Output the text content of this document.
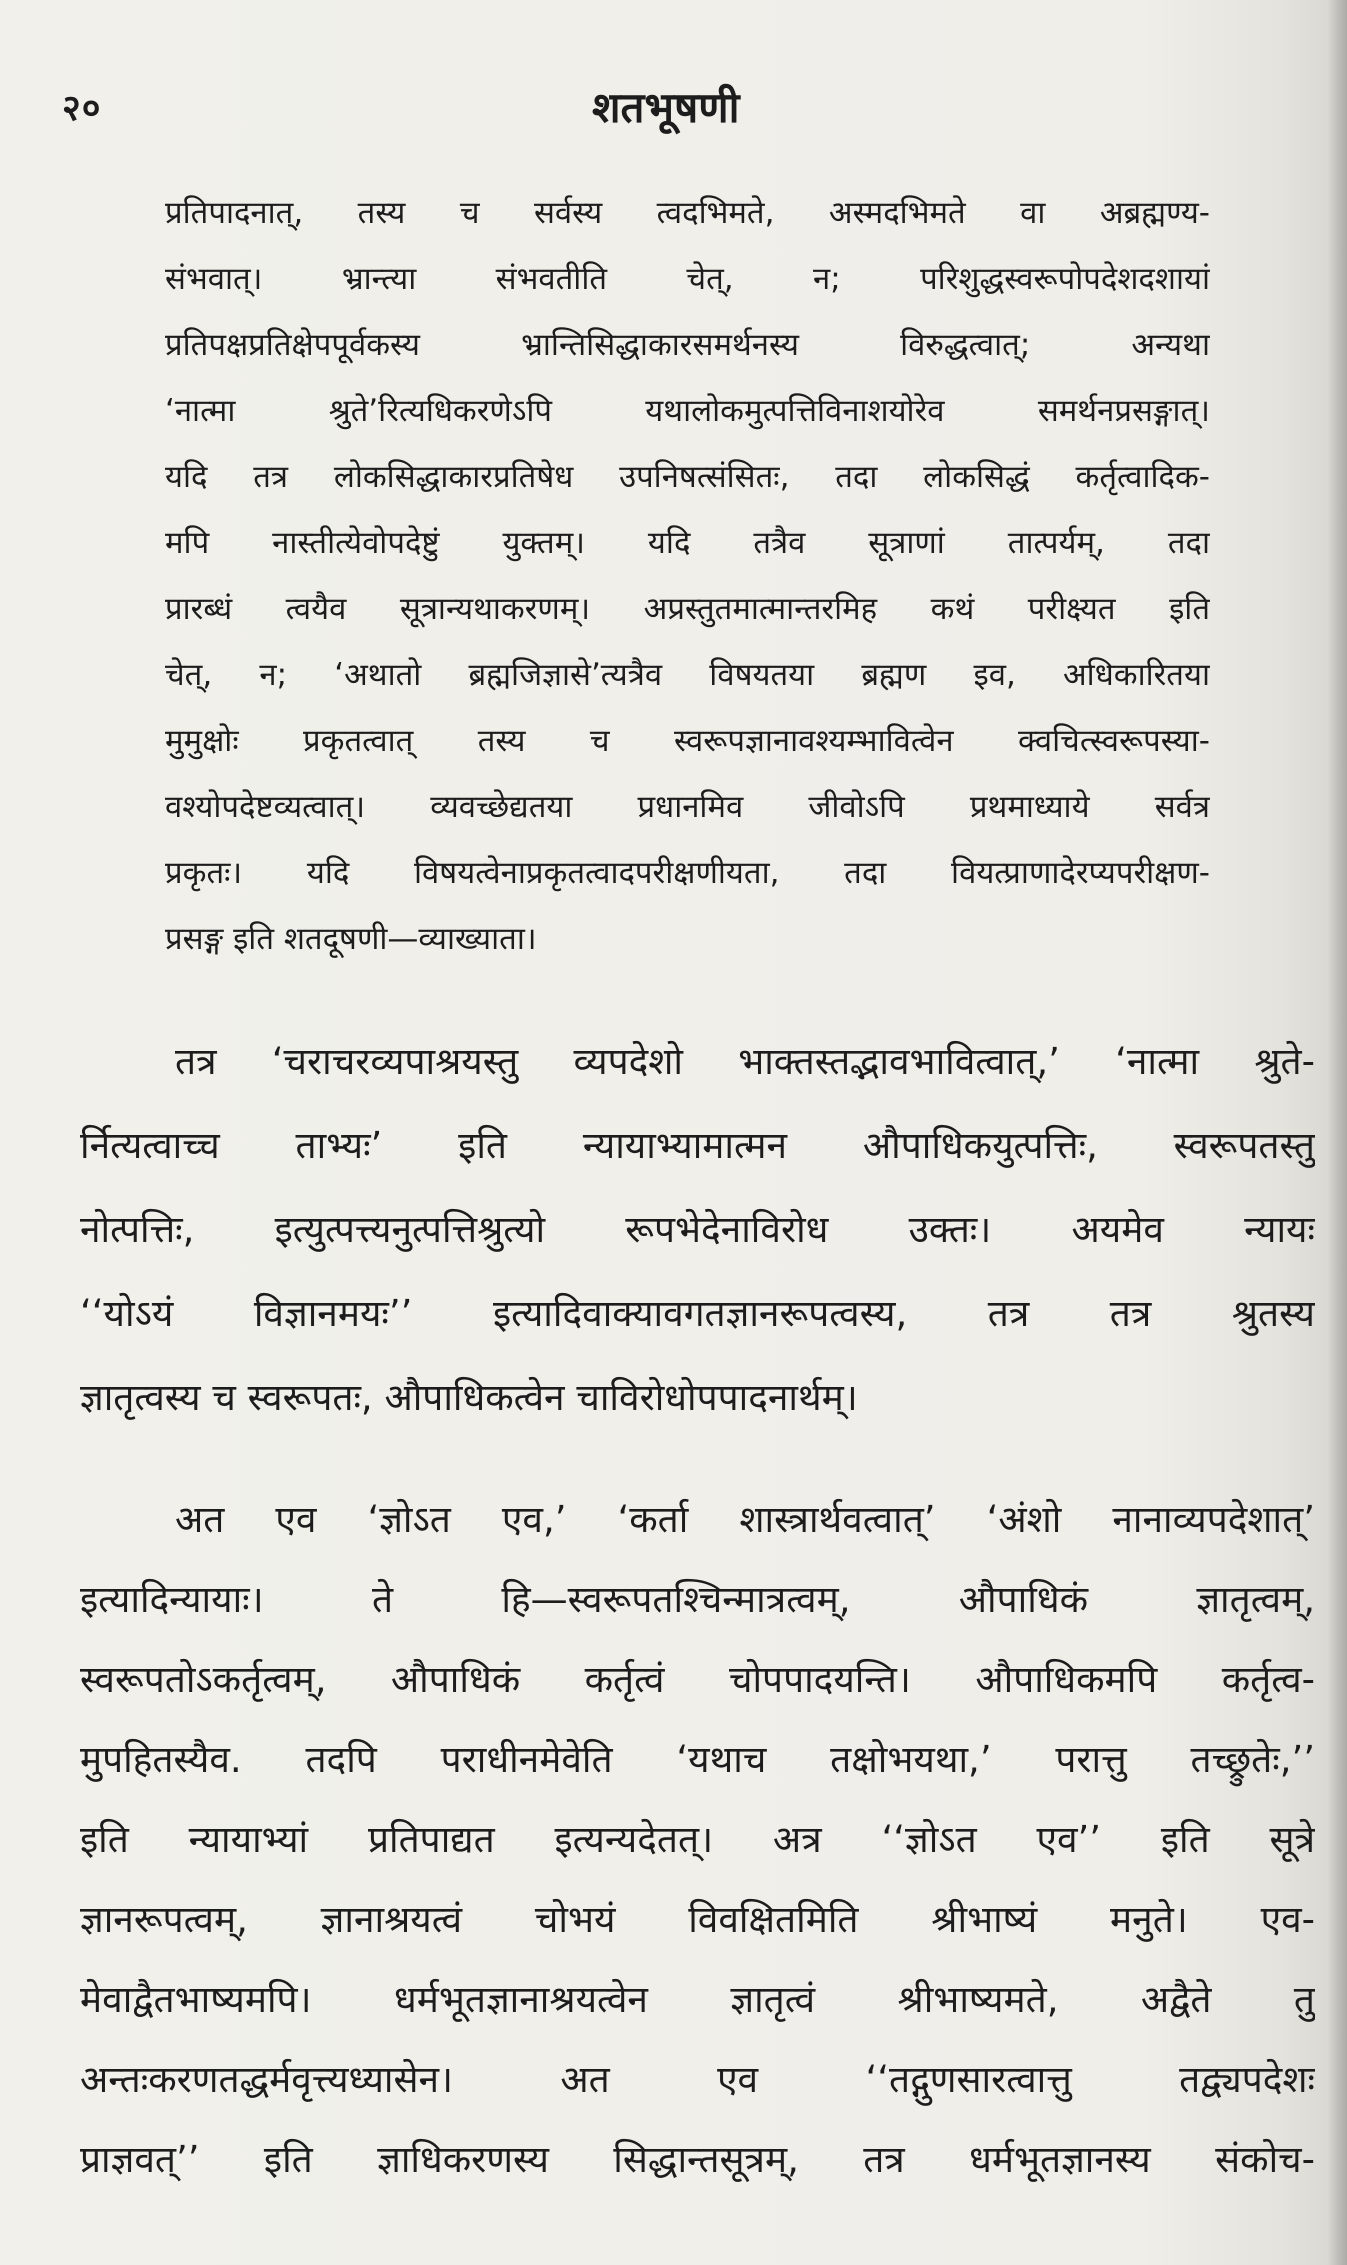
२०	शतभूषणी
प्रतिपादनात्, तस्य च सर्वस्य त्वदभिमते, अस्मदभिमते वा अब्रह्मण्य-
संभवात्। भ्रान्त्या संभवतीति चेत्, न; परिशुद्धस्वरूपोपदेशदशायां
प्रतिपक्षप्रतिक्षेपपूर्वकस्य भ्रान्तिसिद्धाकारसमर्थनस्य विरुद्धत्वात्; अन्यथा
‘नात्मा श्रुते’रित्यधिकरणेऽपि यथालोकमुत्पत्तिविनाशयोरेव समर्थनप्रसङ्गात्।
यदि तत्र लोकसिद्धाकारप्रतिषेध उपनिषत्संसितः, तदा लोकसिद्धं कर्तृत्वादिक-
मपि नास्तीत्येवोपदेष्टुं युक्तम्। यदि तत्रैव सूत्राणां तात्पर्यम्, तदा
प्रारब्धं त्वयैव सूत्रान्यथाकरणम्। अप्रस्तुतमात्मान्तरमिह कथं परीक्ष्यत इति
चेत्, न; ‘अथातो ब्रह्मजिज्ञासे’त्यत्रैव विषयतया ब्रह्मण इव, अधिकारितया
मुमुक्षोः प्रकृतत्वात् तस्य च स्वरूपज्ञानावश्यम्भावित्वेन क्वचित्स्वरूपस्या-
वश्योपदेष्टव्यत्वात्। व्यवच्छेद्यतया प्रधानमिव जीवोऽपि प्रथमाध्याये सर्वत्र
प्रकृतः। यदि विषयत्वेनाप्रकृतत्वादपरीक्षणीयता, तदा वियत्प्राणादेरप्यपरीक्षण-
प्रसङ्ग इति शतदूषणी—व्याख्याता।
तत्र ‘चराचरव्यपाश्रयस्तु व्यपदेशो भाक्तस्तद्भावभावित्वात्,’ ‘नात्मा श्रुते-
र्नित्यत्वाच्च ताभ्यः’ इति न्यायाभ्यामात्मन औपाधिकयुत्पत्तिः, स्वरूपतस्तु
नोत्पत्तिः, इत्युत्पत्त्यनुत्पत्तिश्रुत्यो रूपभेदेनाविरोध उक्तः। अयमेव न्यायः
‘‘योऽयं विज्ञानमयः’’ इत्यादिवाक्यावगतज्ञानरूपत्वस्य, तत्र तत्र श्रुतस्य
ज्ञातृत्वस्य च स्वरूपतः, औपाधिकत्वेन चाविरोधोपपादनार्थम्।
अत एव ‘ज्ञोऽत एव,’ ‘कर्ता शास्त्रार्थवत्वात्’ ‘अंशो नानाव्यपदेशात्’
इत्यादिन्यायाः। ते हि—स्वरूपतश्चिन्मात्रत्वम्, औपाधिकं ज्ञातृत्वम्,
स्वरूपतोऽकर्तृत्वम्, औपाधिकं कर्तृत्वं चोपपादयन्ति। औपाधिकमपि कर्तृत्व-
मुपहितस्यैव. तदपि पराधीनमेवेति ‘यथाच तक्षोभयथा,’ परात्तु तच्छ्रुतेः,’’
इति न्यायाभ्यां प्रतिपाद्यत इत्यन्यदेतत्। अत्र ‘‘ज्ञोऽत एव’’ इति सूत्रे
ज्ञानरूपत्वम्, ज्ञानाश्रयत्वं चोभयं विवक्षितमिति श्रीभाष्यं मनुते। एव-
मेवाद्वैतभाष्यमपि। धर्मभूतज्ञानाश्रयत्वेन ज्ञातृत्वं श्रीभाष्यमते, अद्वैते तु
अन्तःकरणतद्धर्मवृत्त्यध्यासेन। अत एव ‘‘तद्गुणसारत्वात्तु तद्व्यपदेशः
प्राज्ञवत्’’ इति ज्ञाधिकरणस्य सिद्धान्तसूत्रम्, तत्र धर्मभूतज्ञानस्य संकोच-
